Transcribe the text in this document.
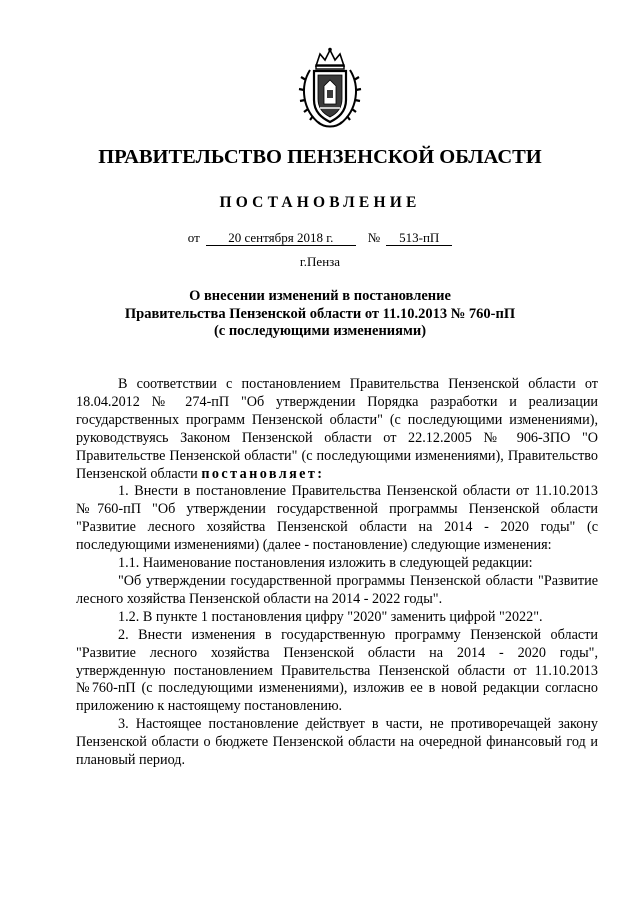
ПРАВИТЕЛЬСТВО ПЕНЗЕНСКОЙ ОБЛАСТИ
ПОСТАНОВЛЕНИЕ
от 20 сентября 2018 г.	№ 513-пП
г.Пенза
О внесении изменений в постановление
Правительства Пензенской области от 11.10.2013 № 760-пП
(с последующими изменениями)

В соответствии с постановлением Правительства Пензенской области от 18.04.2012 № 274-пП "Об утверждении Порядка разработки и реализации государственных программ Пензенской области" (с последующими изменениями), руководствуясь Законом Пензенской области от 22.12.2005 № 906-ЗПО "О Правительстве Пензенской области" (с последующими изменениями), Правительство Пензенской области постановляет:

1. Внести в постановление Правительства Пензенской области от 11.10.2013 №760-пП "Об утверждении государственной программы Пензенской области "Развитие лесного хозяйства Пензенской области на 2014 - 2020 годы" (с последующими изменениями) (далее - постановление) следующие изменения:

1.1. Наименование постановления изложить в следующей редакции:

"Об утверждении государственной программы Пензенской области "Развитие лесного хозяйства Пензенской области на 2014 - 2022 годы".

1.2. В пункте 1 постановления цифру "2020" заменить цифрой "2022".

2. Внести изменения в государственную программу Пензенской области "Развитие лесного хозяйства Пензенской области на 2014 - 2020 годы", утвержденную постановлением Правительства Пензенской области от 11.10.2013 №760-пП (с последующими изменениями), изложив ее в новой редакции согласно приложению к настоящему постановлению.

3. Настоящее постановление действует в части, не противоречащей закону Пензенской области о бюджете Пензенской области на очередной финансовый год и плановый период.
